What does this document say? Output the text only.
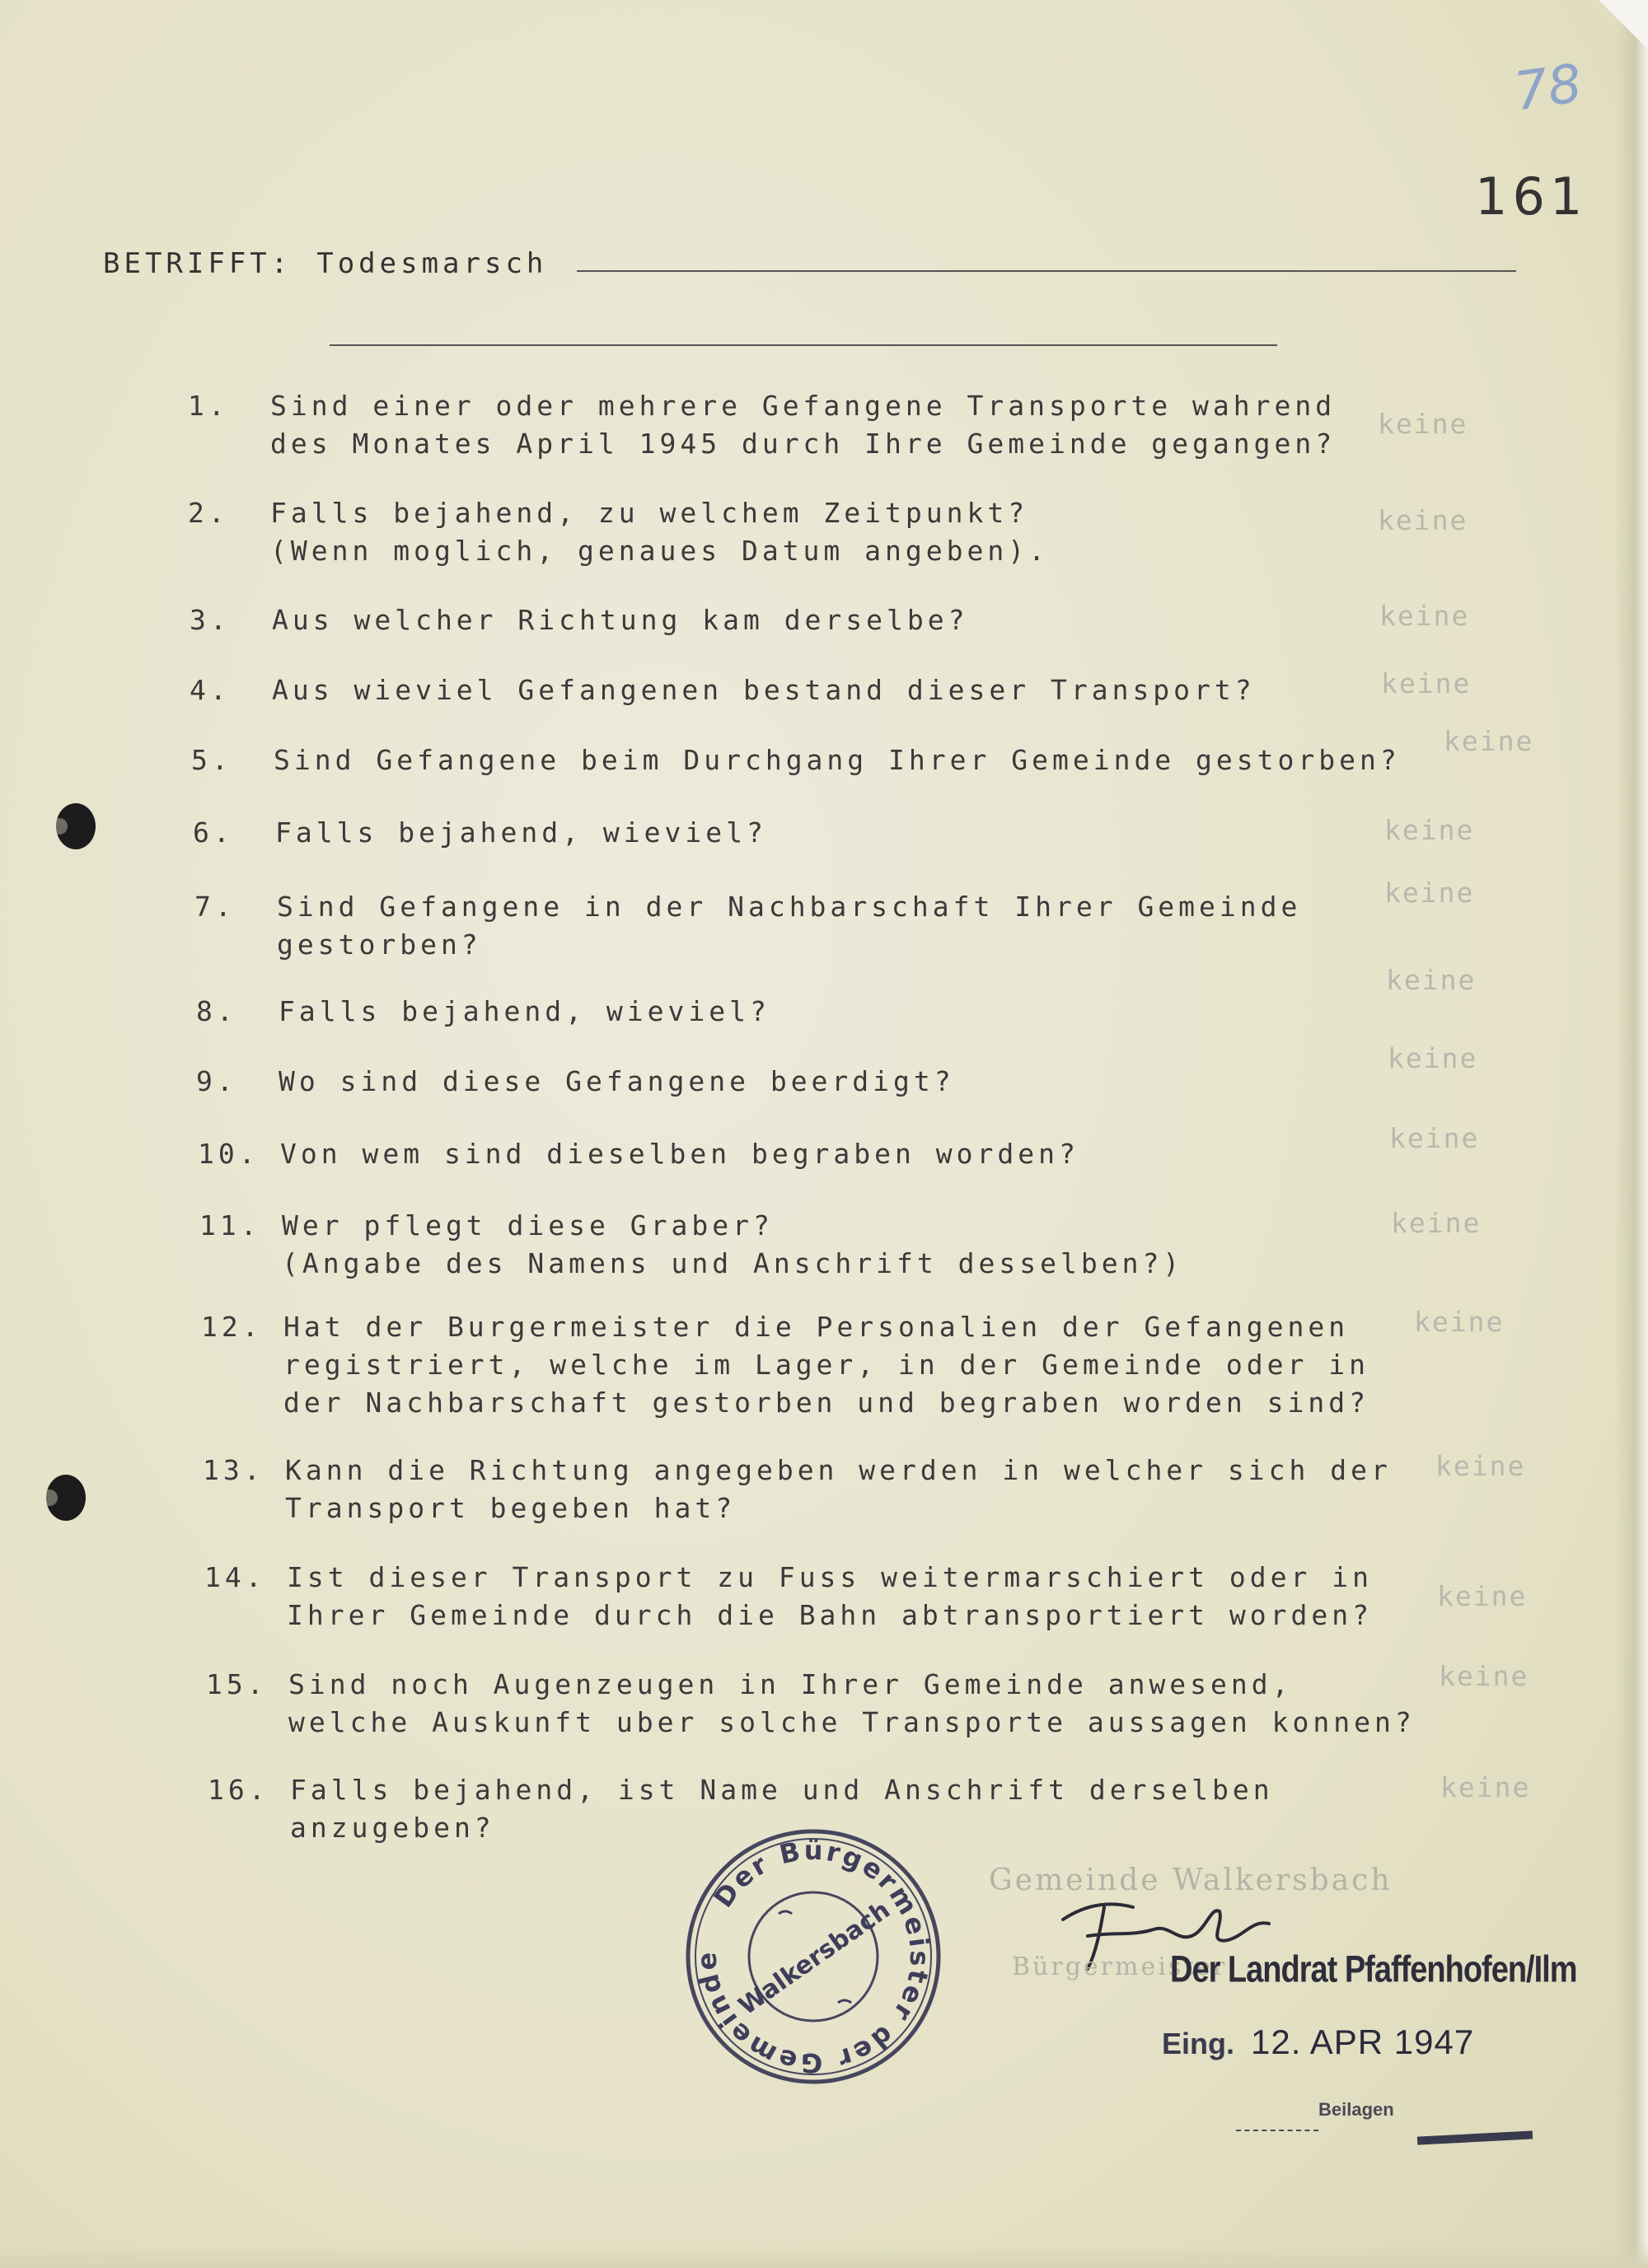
78
161
BETRIFFT: Todesmarsch
1. Sind einer oder mehrere Gefangene Transporte wahrend
des Monates April 1945 durch Ihre Gemeinde gegangen?
keine
2. Falls bejahend, zu welchem Zeitpunkt?
(Wenn moglich, genaues Datum angeben).
keine
3. Aus welcher Richtung kam derselbe?	keine
4. Aus wieviel Gefangenen bestand dieser Transport?	keine
5. Sind Gefangene beim Durchgang Ihrer Gemeinde gestorben?
keine
6. Falls bejahend, wieviel?	keine
7. Sind Gefangene in der Nachbarschaft Ihrer Gemeinde
gestorben?
keine
8. Falls bejahend, wieviel?
keine
9. Wo sind diese Gefangene beerdigt?
keine
10. Von wem sind dieselben begraben worden?	keine
11. Wer pflegt diese Graber?
(Angabe des Namens und Anschrift desselben?)
keine
12. Hat der Burgermeister die Personalien der Gefangenen
registriert, welche im Lager, in der Gemeinde oder in
der Nachbarschaft gestorben und begraben worden sind?
keine
13. Kann die Richtung angegeben werden in welcher sich der
Transport begeben hat?
keine
14. Ist dieser Transport zu Fuss weitermarschiert oder in
Ihrer Gemeinde durch die Bahn abtransportiert worden?
keine
15. Sind noch Augenzeugen in Ihrer Gemeinde anwesend,
welche Auskunft uber solche Transporte aussagen konnen?
keine
16. Falls bejahend, ist Name und Anschrift derselben
anzugeben?
keine
Der Bürgermeister der Gemeinde Walkersbach
Gemeinde Walkersbach
Bürgermeister
Der Landrat Pfaffenhofen/Ilm
Eing. 12. APR 1947
Beilagen
